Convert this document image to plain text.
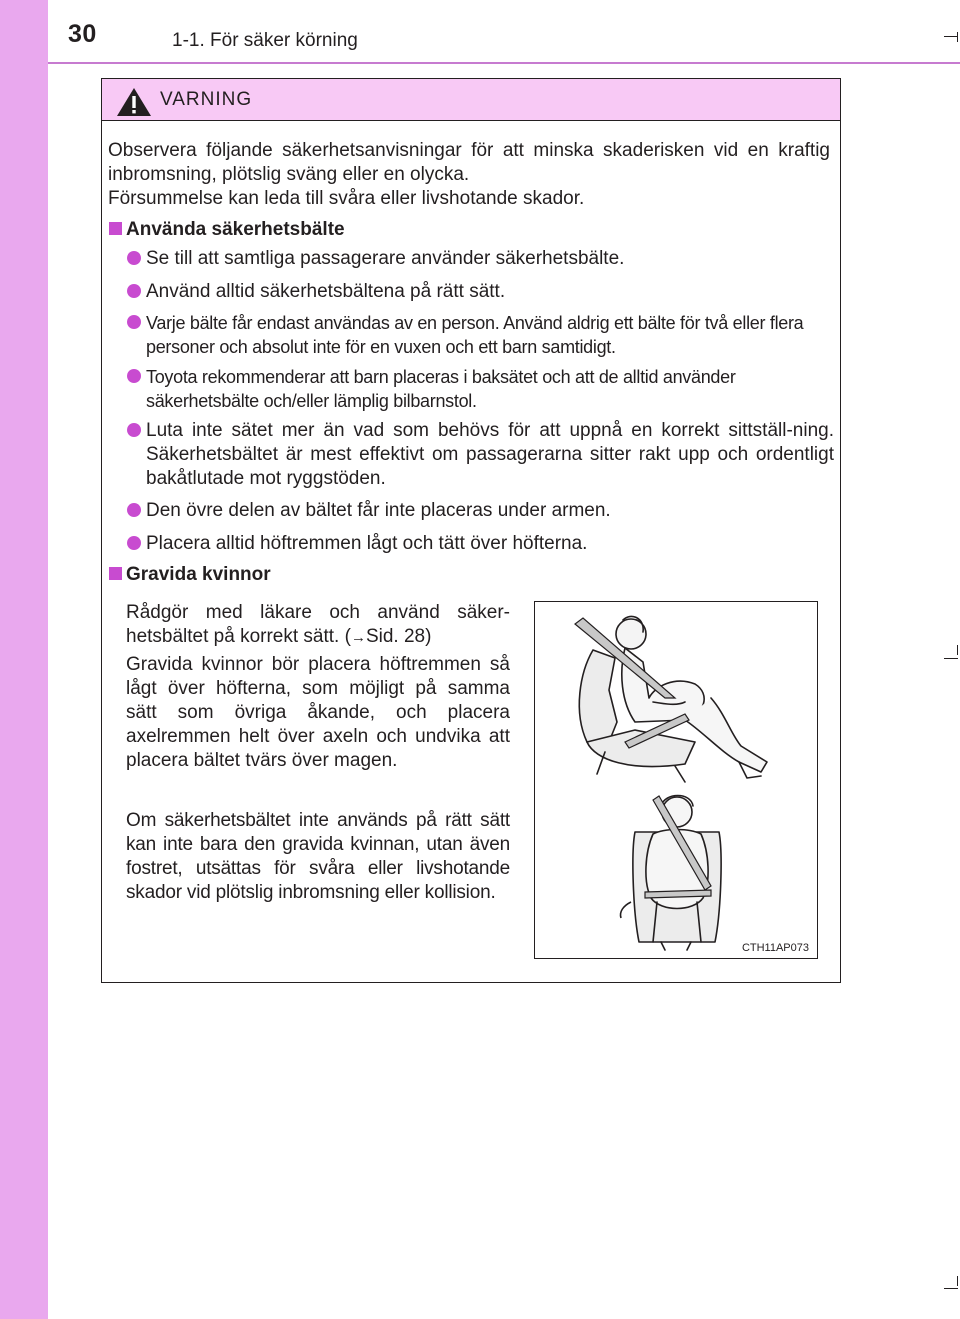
30	1-1. För säker körning
VARNING
Observera följande säkerhetsanvisningar för att minska skaderisken vid en kraftig inbromsning, plötslig sväng eller en olycka.
Försummelse kan leda till svåra eller livshotande skador.
Använda säkerhetsbälte
Se till att samtliga passagerare använder säkerhetsbälte.
Använd alltid säkerhetsbältena på rätt sätt.
Varje bälte får endast användas av en person. Använd aldrig ett bälte för två eller flera personer och absolut inte för en vuxen och ett barn samtidigt.
Toyota rekommenderar att barn placeras i baksätet och att de alltid använder säkerhetsbälte och/eller lämplig bilbarnstol.
Luta inte sätet mer än vad som behövs för att uppnå en korrekt sittställ-ning. Säkerhetsbältet är mest effektivt om passagerarna sitter rakt upp och ordentligt bakåtlutade mot ryggstöden.
Den övre delen av bältet får inte placeras under armen.
Placera alltid höftremmen lågt och tätt över höfterna.
Gravida kvinnor
Rådgör med läkare och använd säker-hetsbältet på korrekt sätt. (→Sid. 28)
Gravida kvinnor bör placera höftremmen så lågt över höfterna, som möjligt på samma sätt som övriga åkande, och placera axelremmen helt över axeln och undvika att placera bältet tvärs över magen.
Om säkerhetsbältet inte används på rätt sätt kan inte bara den gravida kvinnan, utan även fostret, utsättas för svåra eller livshotande skador vid plötslig inbromsning eller kollision.
CTH11AP073
